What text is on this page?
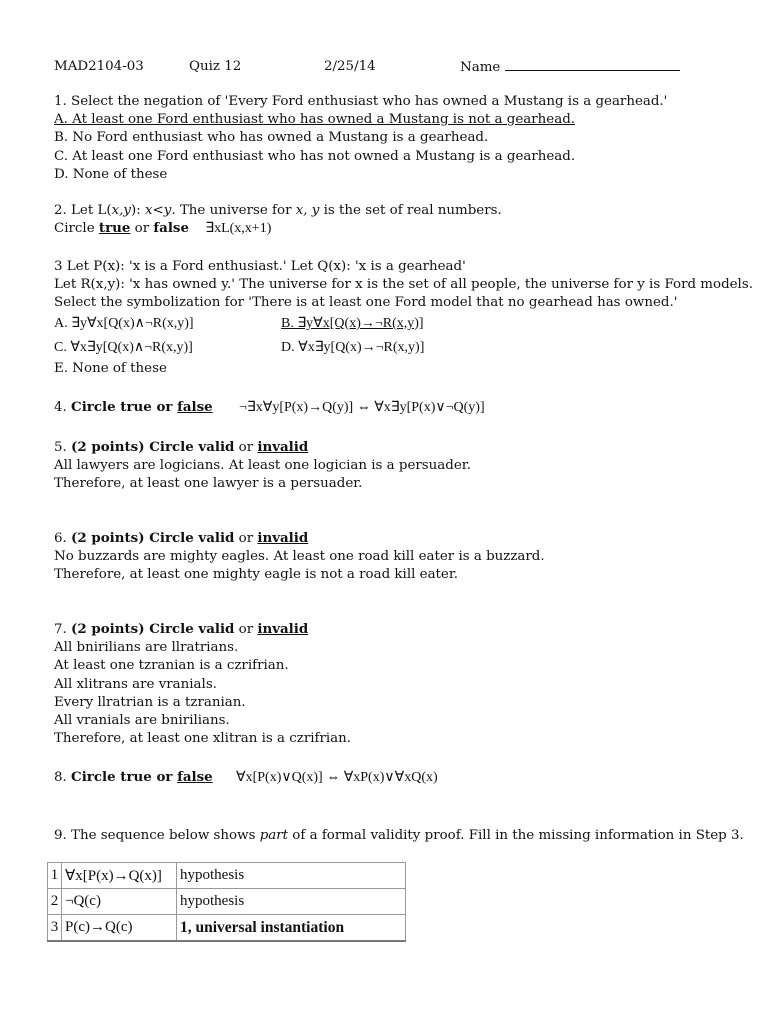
MAD2104-03	Quiz 12	2/25/14	Name
1. Select the negation of 'Every Ford enthusiast who has owned a Mustang is a gearhead.'
A. At least one Ford enthusiast who has owned a Mustang is not a gearhead.
B. No Ford enthusiast who has owned a Mustang is a gearhead.
C. At least one Ford enthusiast who has not owned a Mustang is a gearhead.
D. None of these
2. Let L(x,y): x<y. The universe for x, y is the set of real numbers.
Circle true or false ∃xL(x,x+1)
3 Let P(x): 'x is a Ford enthusiast.' Let Q(x): 'x is a gearhead'
Let R(x,y): 'x has owned y.' The universe for x is the set of all people, the universe for y is Ford models.
Select the symbolization for 'There is at least one Ford model that no gearhead has owned.'
A. ∃y∀x[Q(x)∧¬R(x,y)]	B. ∃y∀x[Q(x)→¬R(x,y)]
C. ∀x∃y[Q(x)∧¬R(x,y)]	D. ∀x∃y[Q(x)→¬R(x,y)]
E. None of these
4. Circle true or false ¬∃x∀y[P(x)→Q(y)] ⇔ ∀x∃y[P(x)∨¬Q(y)]
5. (2 points) Circle valid or invalid
All lawyers are logicians. At least one logician is a persuader.
Therefore, at least one lawyer is a persuader.
6. (2 points) Circle valid or invalid
No buzzards are mighty eagles. At least one road kill eater is a buzzard.
Therefore, at least one mighty eagle is not a road kill eater.
7. (2 points) Circle valid or invalid
All bnirilians are llratrians.
At least one tzranian is a czrifrian.
All xlitrans are vranials.
Every llratrian is a tzranian.
All vranials are bnirilians.
Therefore, at least one xlitran is a czrifrian.
8. Circle true or false ∀x[P(x)∨Q(x)] ⇔ ∀xP(x)∨∀xQ(x)
9. The sequence below shows part of a formal validity proof. Fill in the missing information in Step 3.
1	∀x[P(x)→Q(x)]	hypothesis
2	¬Q(c)	hypothesis
3	P(c)→Q(c)	1, universal instantiation
